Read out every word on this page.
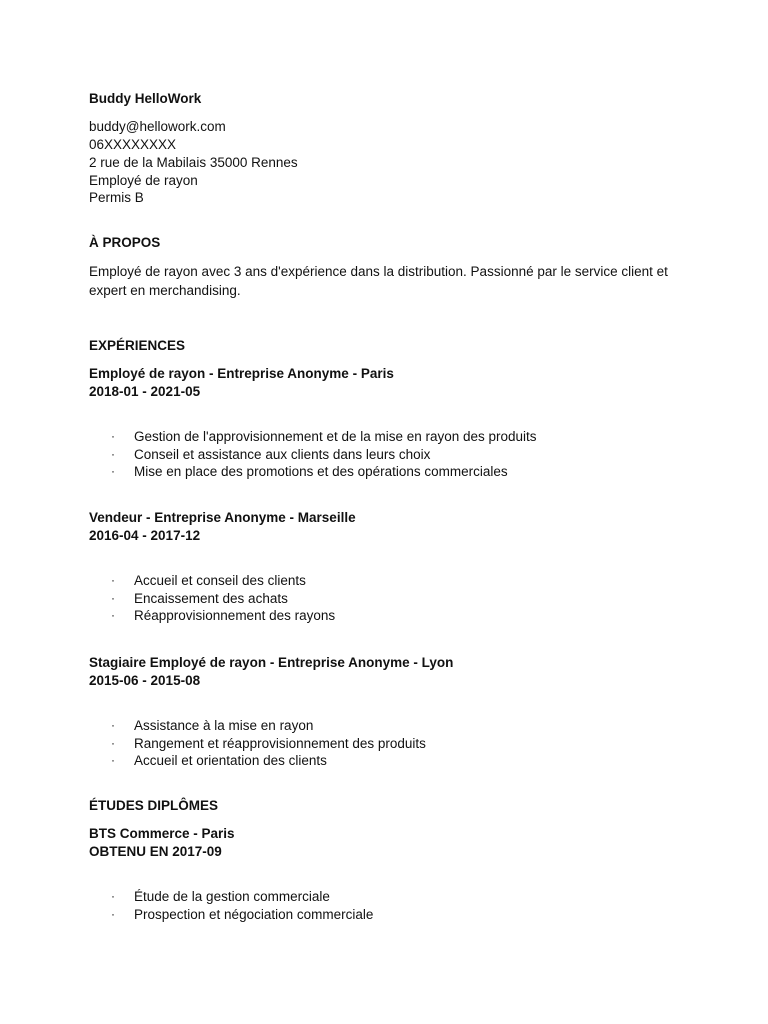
Buddy HelloWork
buddy@hellowork.com
06XXXXXXXX
2 rue de la Mabilais 35000 Rennes
Employé de rayon
Permis B
À PROPOS
Employé de rayon avec 3 ans d'expérience dans la distribution. Passionné par le service client et expert en merchandising.
EXPÉRIENCES
Employé de rayon - Entreprise Anonyme - Paris
2018-01 - 2021-05
· Gestion de l'approvisionnement et de la mise en rayon des produits
· Conseil et assistance aux clients dans leurs choix
· Mise en place des promotions et des opérations commerciales
Vendeur - Entreprise Anonyme - Marseille
2016-04 - 2017-12
· Accueil et conseil des clients
· Encaissement des achats
· Réapprovisionnement des rayons
Stagiaire Employé de rayon - Entreprise Anonyme - Lyon
2015-06 - 2015-08
· Assistance à la mise en rayon
· Rangement et réapprovisionnement des produits
· Accueil et orientation des clients
ÉTUDES DIPLÔMES
BTS Commerce - Paris
OBTENU EN 2017-09
· Étude de la gestion commerciale
· Prospection et négociation commerciale
